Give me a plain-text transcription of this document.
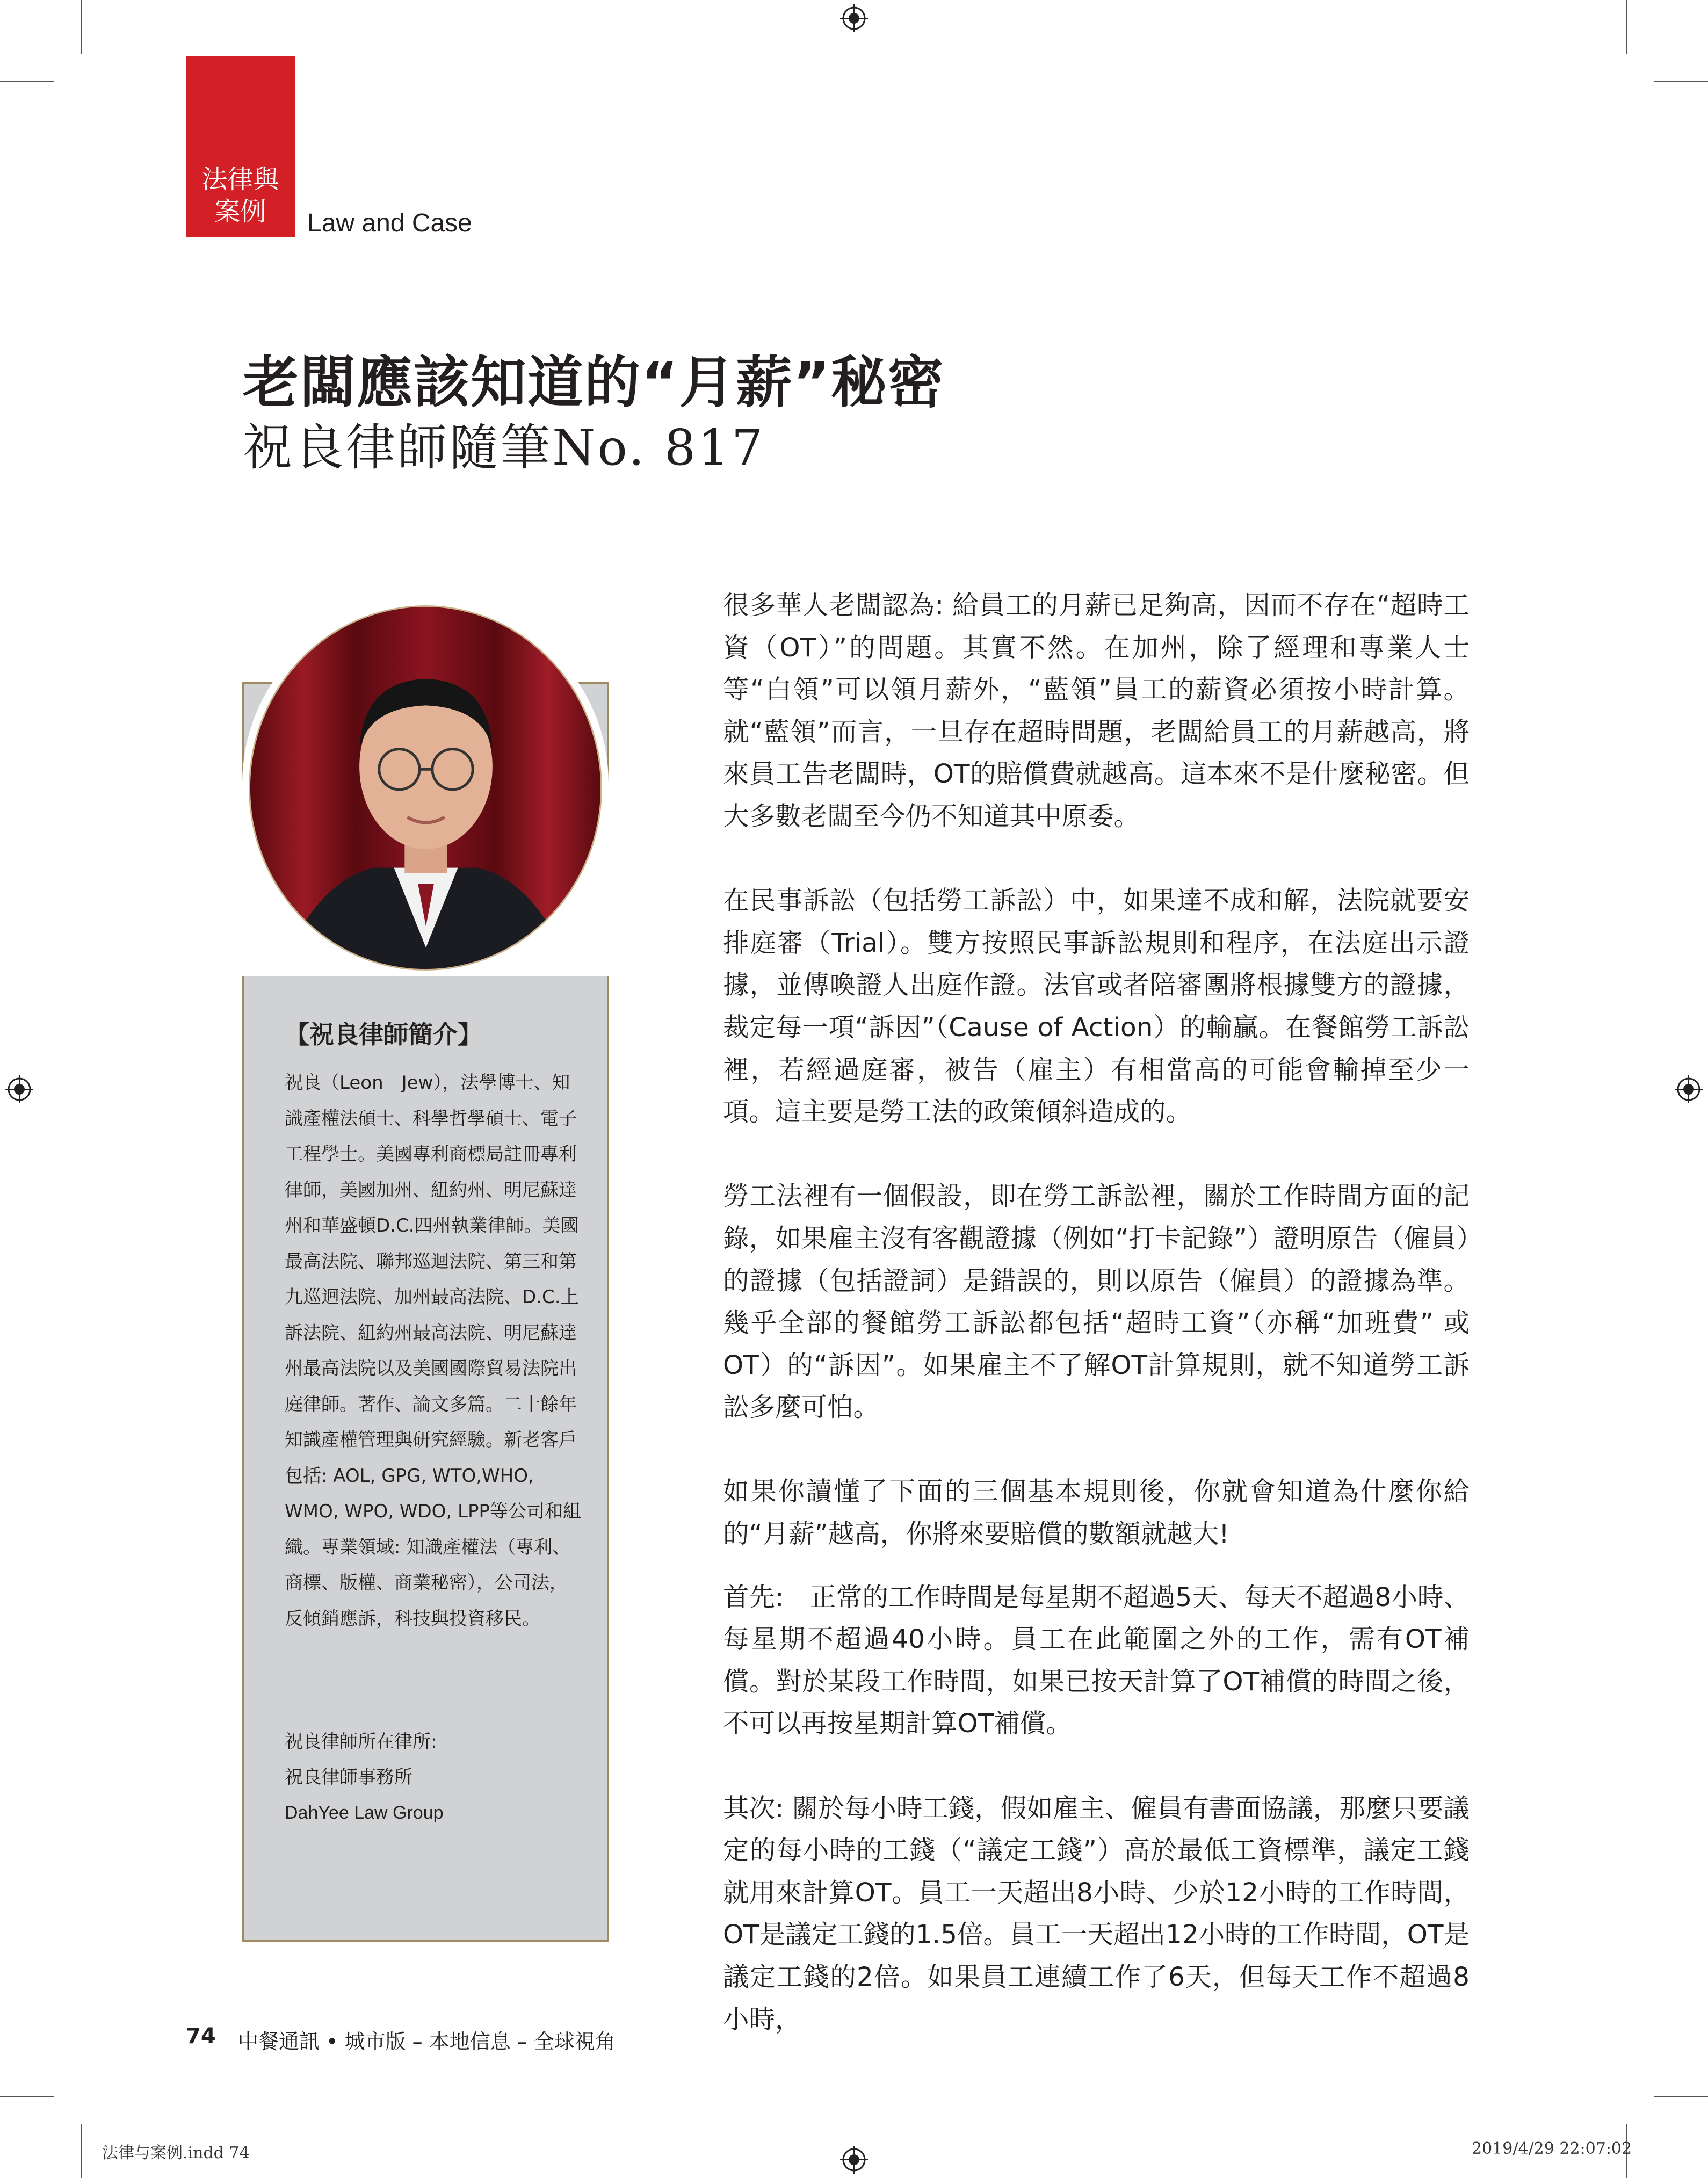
法律與案例	Law and Case
老闆應該知道的“月薪”秘密
祝良律師隨筆No. 817
【祝良律師簡介】

祝良（Leon　Jew），法學博士、知識產權法碩士、科學哲學碩士、電子工程學士。美國專利商標局註冊專利律師，美國加州、紐約州、明尼蘇達州和華盛頓D.C.四州執業律師。美國最高法院、聯邦巡迴法院、第三和第九巡迴法院、加州最高法院、D.C.上訴法院、紐約州最高法院、明尼蘇達州最高法院以及美國國際貿易法院出庭律師。著作、論文多篇。二十餘年知識產權管理與研究經驗。新老客戶包括: AOL, GPG, WTO,WHO, WMO, WPO, WDO, LPP等公司和組織。專業領域: 知識產權法（專利、商標、版權、商業秘密），公司法，反傾銷應訴，科技與投資移民。

祝良律師所在律所:

祝良律師事務所

DahYee Law Group

很多華人老闆認為: 給員工的月薪已足夠高，因而不存在“超時工資（OT）”的問題。其實不然。在加州，除了經理和專業人士等“白領”可以領月薪外，“藍領”員工的薪資必須按小時計算。就“藍領”而言，一旦存在超時問題，老闆給員工的月薪越高，將來員工告老闆時，OT的賠償費就越高。這本來不是什麼秘密。但大多數老闆至今仍不知道其中原委。

在民事訴訟（包括勞工訴訟）中，如果達不成和解，法院就要安排庭審（Trial）。雙方按照民事訴訟規則和程序，在法庭出示證據，並傳喚證人出庭作證。法官或者陪審團將根據雙方的證據，裁定每一項“訴因”（Cause of Action）的輸贏。在餐館勞工訴訟裡，若經過庭審，被告（雇主）有相當高的可能會輸掉至少一項。這主要是勞工法的政策傾斜造成的。

勞工法裡有一個假設，即在勞工訴訟裡，關於工作時間方面的記錄，如果雇主沒有客觀證據（例如“打卡記錄”）證明原告（僱員）的證據（包括證詞）是錯誤的，則以原告（僱員）的證據為準。幾乎全部的餐館勞工訴訟都包括“超時工資”（亦稱“加班費” 或OT）的“訴因”。如果雇主不了解OT計算規則，就不知道勞工訴訟多麼可怕。

如果你讀懂了下面的三個基本規則後，你就會知道為什麼你給的“月薪”越高，你將來要賠償的數額就越大!

首先:　正常的工作時間是每星期不超過5天、每天不超過8小時、每星期不超過40小時。員工在此範圍之外的工作，需有OT補償。對於某段工作時間，如果已按天計算了OT補償的時間之後，不可以再按星期計算OT補償。

其次: 關於每小時工錢，假如雇主、僱員有書面協議，那麼只要議定的每小時的工錢（“議定工錢”）高於最低工資標準，議定工錢就用來計算OT。員工一天超出8小時、少於12小時的工作時間，OT是議定工錢的1.5倍。員工一天超出12小時的工作時間，OT是議定工錢的2倍。如果員工連續工作了6天，但每天工作不超過8小時，

74 中餐通訊 • 城市版 – 本地信息 – 全球視角
法律与案例.indd 74	2019/4/29 22:07:02
